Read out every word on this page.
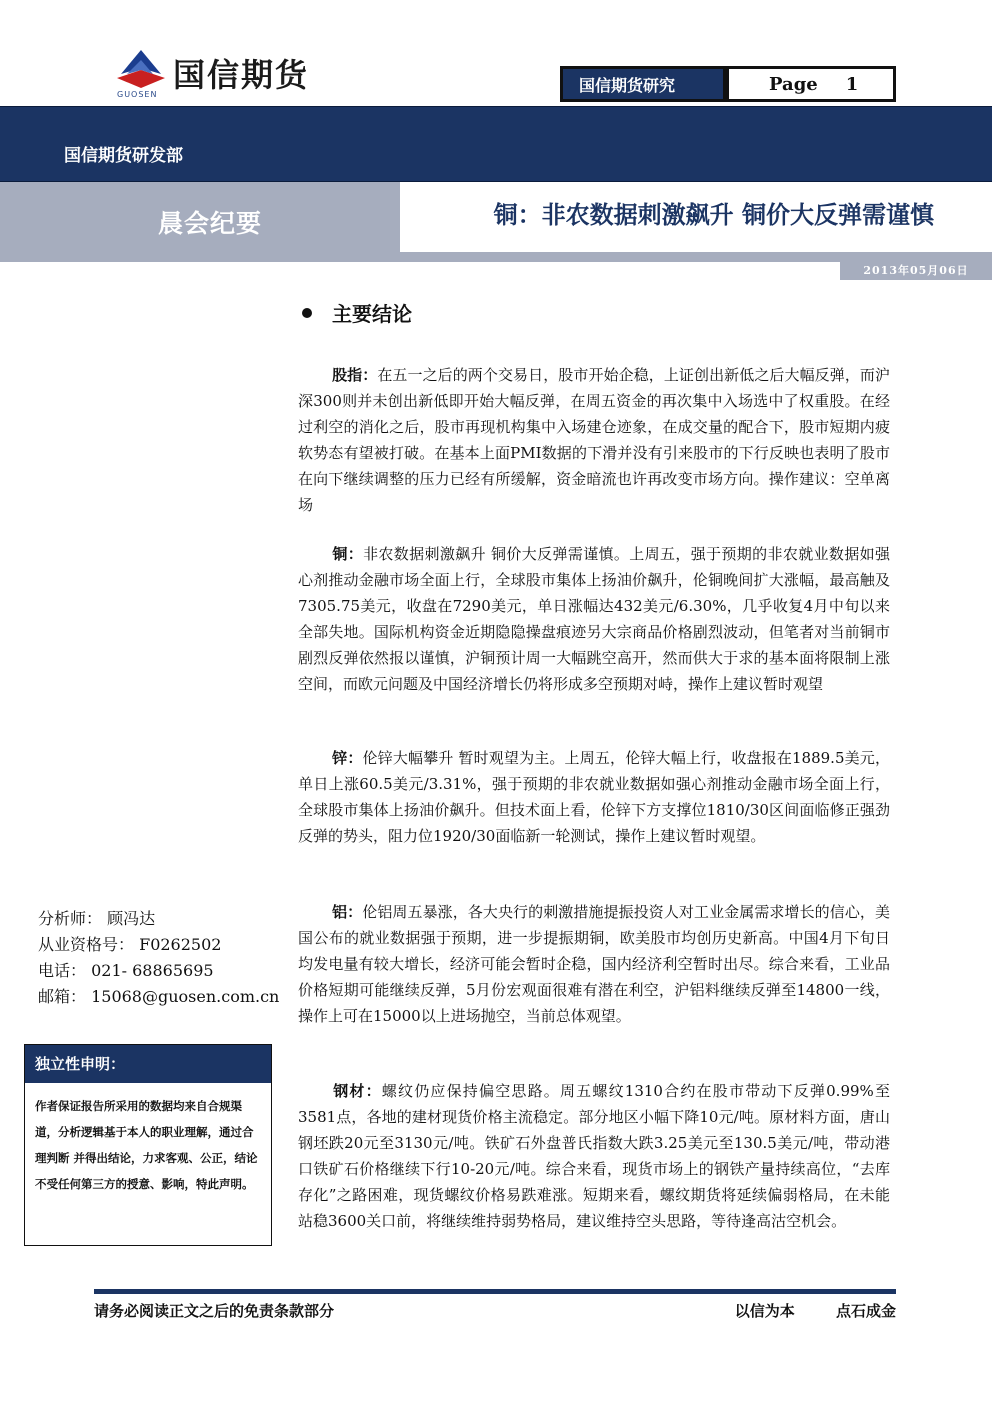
国信期货
GUOSEN	国信期货研究	Page 1
国信期货研发部
晨会纪要	铜：非农数据刺激飙升 铜价大反弹需谨慎
2013年05月06日
主要结论

股指：在五一之后的两个交易日，股市开始企稳，上证创出新低之后大幅反弹，而沪深300则并未创出新低即开始大幅反弹，在周五资金的再次集中入场选中了权重股。在经过利空的消化之后，股市再现机构集中入场建仓迹象，在成交量的配合下，股市短期内疲软势态有望被打破。在基本上面PMI数据的下滑并没有引来股市的下行反映也表明了股市在向下继续调整的压力已经有所缓解，资金暗流也许再改变市场方向。操作建议：空单离场

铜：非农数据刺激飙升 铜价大反弹需谨慎。上周五，强于预期的非农就业数据如强心剂推动金融市场全面上行，全球股市集体上扬油价飙升，伦铜晚间扩大涨幅，最高触及7305.75美元，收盘在7290美元，单日涨幅达432美元/6.30%，几乎收复4月中旬以来全部失地。国际机构资金近期隐隐操盘痕迹另大宗商品价格剧烈波动，但笔者对当前铜市剧烈反弹依然报以谨慎，沪铜预计周一大幅跳空高开，然而供大于求的基本面将限制上涨空间，而欧元问题及中国经济增长仍将形成多空预期对峙，操作上建议暂时观望

锌：伦锌大幅攀升 暂时观望为主。上周五，伦锌大幅上行，收盘报在1889.5美元，单日上涨60.5美元/3.31%，强于预期的非农就业数据如强心剂推动金融市场全面上行，全球股市集体上扬油价飙升。但技术面上看，伦锌下方支撑位1810/30区间面临修正强劲反弹的势头，阻力位1920/30面临新一轮测试，操作上建议暂时观望。

铝：伦铝周五暴涨，各大央行的刺激措施提振投资人对工业金属需求增长的信心，美国公布的就业数据强于预期，进一步提振期铜，欧美股市均创历史新高。中国4月下旬日均发电量有较大增长，经济可能会暂时企稳，国内经济利空暂时出尽。综合来看，工业品价格短期可能继续反弹，5月份宏观面很难有潜在利空，沪铝料继续反弹至14800一线，操作上可在15000以上进场抛空，当前总体观望。

钢材：螺纹仍应保持偏空思路。周五螺纹1310合约在股市带动下反弹0.99%至3581点，各地的建材现货价格主流稳定。部分地区小幅下降10元/吨。原材料方面，唐山钢坯跌20元至3130元/吨。铁矿石外盘普氏指数大跌3.25美元至130.5美元/吨，带动港口铁矿石价格继续下行10-20元/吨。综合来看，现货市场上的钢铁产量持续高位，“去库存化”之路困难，现货螺纹价格易跌难涨。短期来看，螺纹期货将延续偏弱格局，在未能站稳3600关口前，将继续维持弱势格局，建议维持空头思路，等待逢高沽空机会。

分析师： 顾冯达
从业资格号： F0262502
电话： 021- 68865695
邮箱： 15068@guosen.com.cn
独立性申明：
作者保证报告所采用的数据均来自合规渠道，分析逻辑基于本人的职业理解，通过合理判断 并得出结论，力求客观、公正，结论不受任何第三方的授意、影响，特此声明。
请务必阅读正文之后的免责条款部分	以信为本	点石成金
